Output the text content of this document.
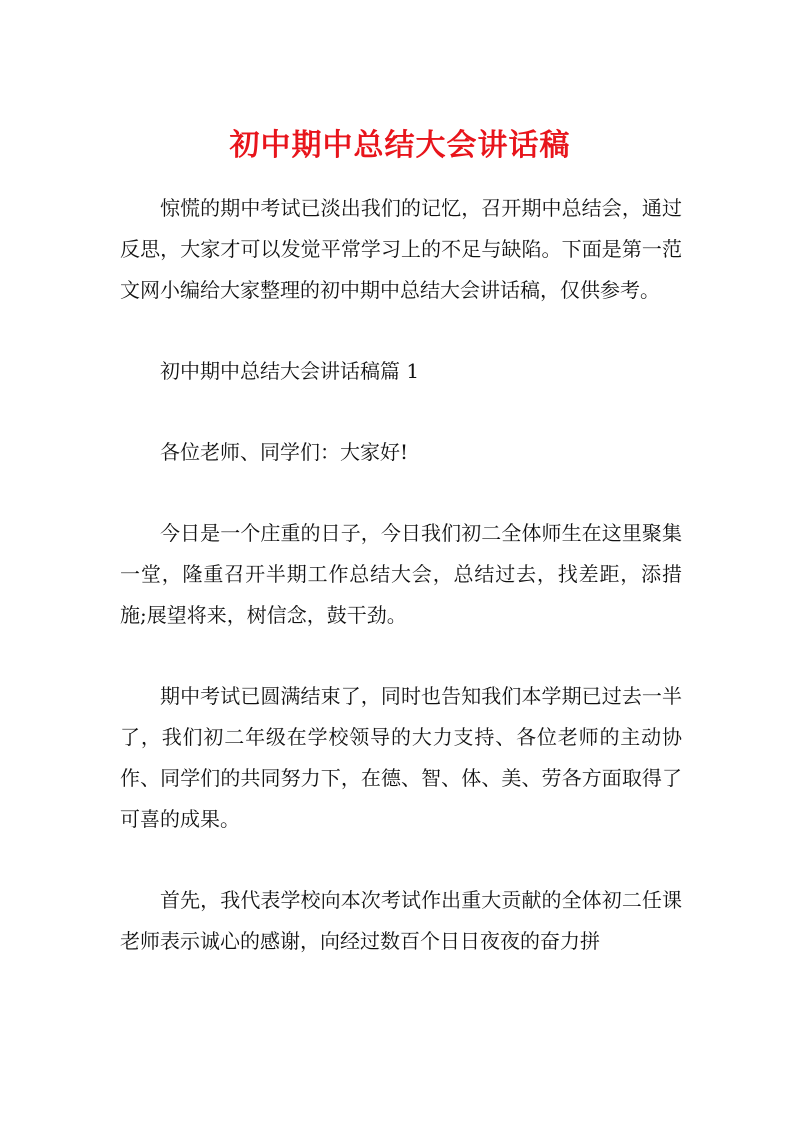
初中期中总结大会讲话稿

惊慌的期中考试已淡出我们的记忆，召开期中总结会，通过反思，大家才可以发觉平常学习上的不足与缺陷。下面是第一范文网小编给大家整理的初中期中总结大会讲话稿，仅供参考。

初中期中总结大会讲话稿篇 1

各位老师、同学们：大家好!

今日是一个庄重的日子，今日我们初二全体师生在这里聚集一堂，隆重召开半期工作总结大会，总结过去，找差距，添措施;展望将来，树信念，鼓干劲。

期中考试已圆满结束了，同时也告知我们本学期已过去一半了，我们初二年级在学校领导的大力支持、各位老师的主动协作、同学们的共同努力下，在德、智、体、美、劳各方面取得了可喜的成果。

首先，我代表学校向本次考试作出重大贡献的全体初二任课老师表示诚心的感谢，向经过数百个日日夜夜的奋力拼
